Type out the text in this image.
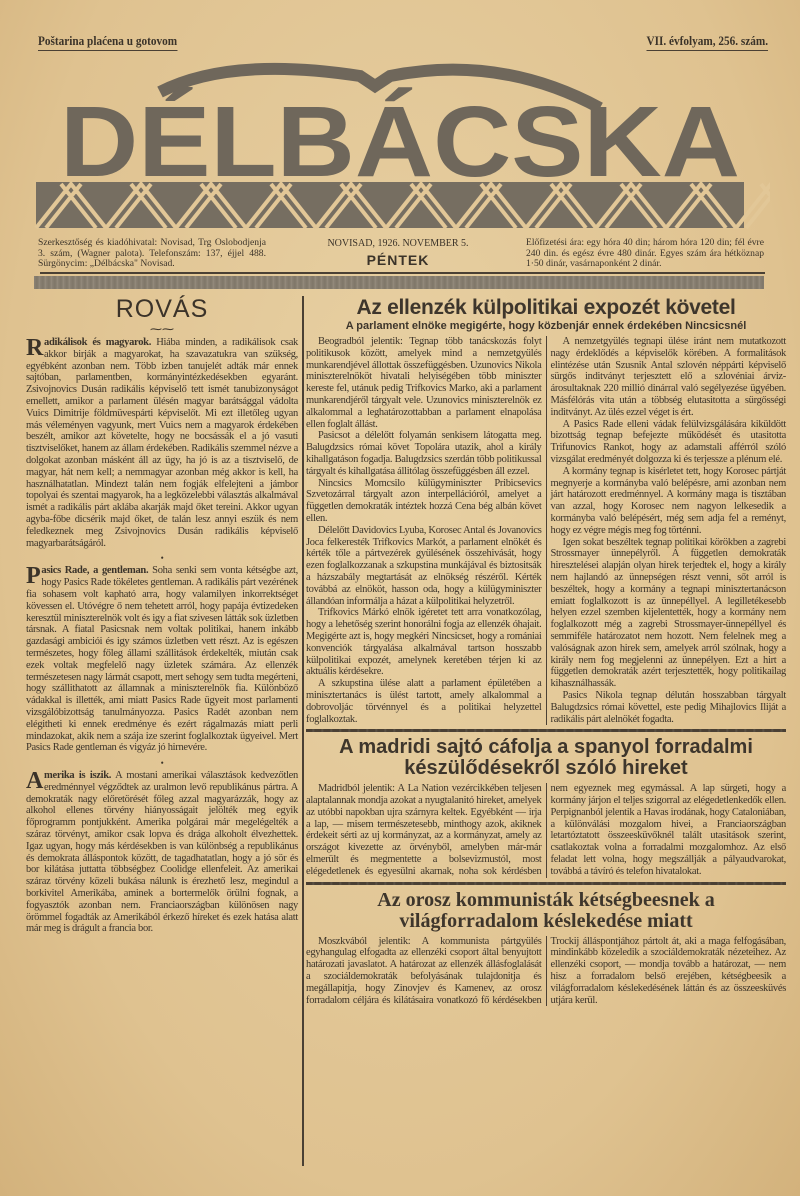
Poštarina plaćena u gotovom	VII. évfolyam, 256. szám.
DÉLBÁCSKA
Szerkesztőség és kiadóhivatal: Novisad, Trg Oslobodjenja 3. szám, (Wagner palota). Telefonszám: 137, éjjel 488. Sürgönycim: „Délbácska" Novisad.
NOVISAD, 1926. NOVEMBER 5.
PÉNTEK
Előfizetési ára: egy hóra 40 din; három hóra 120 din; fél évre 240 din. és egész évre 480 dinár. Egyes szám ára hétköznap 1·50 dinár, vasárnaponként 2 dinár.
ROVÁS
⁓⁓

Radikálisok és magyarok. Hiába minden, a radikálisok csak akkor birják a magyarokat, ha szavazatukra van szükség, egyébként azonban nem. Több izben tanujelét adták már ennek sajtóban, parlamentben, kormányintézkedésekben egyaránt. Zsivojnovics Dusán radikális képviselő tett ismét tanubizonyságot emellett, amikor a parlament ülésén magyar barátsággal vádolta Vuics Dimitrije földmüvespárti képviselőt. Mi ezt illetőleg ugyan más véleményen vagyunk, mert Vuics nem a magyarok érdekében beszélt, amikor azt követelte, hogy ne bocsássák el a jó vasuti tisztviselőket, hanem az állam érdekében. Radikális szemmel nézve a dolgokat azonban másként áll az ügy, ha jó is az a tisztviselő, de magyar, hát nem kell; a nemmagyar azonban még akkor is kell, ha használhatatlan. Mindezt talán nem fogják elfelejteni a jámbor topolyai és szentai magyarok, ha a legközelebbi választás alkalmával ismét a radikális párt aklába akarják majd őket tereini. Akkor ugyan agyba-főbe dicsérik majd őket, de talán lesz annyi eszük és nem feledkeznek meg Zsivojnovics Dusán radikális képviselő magyarbarátságáról.

•

Pasics Rade, a gentleman. Soha senki sem vonta kétségbe azt, hogy Pasics Rade tökéletes gentleman. A radikális párt vezérének fia sohasem volt kapható arra, hogy valamilyen inkorrektséget kövessen el. Utóvégre ő nem tehetett arról, hogy papája évtizedeken keresztül miniszterelnök volt és igy a fiat szivesen látták sok üzletben társnak. A fiatal Pasicsnak nem voltak politikai, hanem inkább gazdasági ambiciói és igy számos üzletben vett részt. Az is egészen természetes, hogy főleg állami szállitások érdekelték, miután csak ezek voltak megfelelő nagy üzletek számára. Az ellenzék természetesen nagy lármát csapott, mert sehogy sem tudta megérteni, hogy szállithatott az államnak a miniszterelnök fia. Különböző vádakkal is illették, ami miatt Pasics Rade ügyeit most parlamenti vizsgálóbizottság tanulmányozza. Pasics Radét azonban nem elégitheti ki ennek eredménye és ezért rágalmazás miatt perli mindazokat, akik nem a szája ize szerint foglalkoztak ügyeivel. Mert Pasics Rade gentleman és vigyáz jó hirnevére.

•

Amerika is iszik. A mostani amerikai választások kedvezőtlen eredménnyel végződtek az uralmon levő republikánus pártra. A demokraták nagy előretörését főleg azzal magyarázzák, hogy az alkohol ellenes törvény hiányosságait jelölték meg egyik főprogramm pontjukként. Amerika polgárai már megelégelték a száraz törvényt, amikor csak lopva és drága alkoholt élvezhettek. Igaz ugyan, hogy más kérdésekben is van különbség a republikánus és demokrata álláspontok között, de tagadhatatlan, hogy a jó sör és bor kilátása juttatta többségbez Coolidge ellenfeleit. Az amerikai száraz törvény közeli bukása nálunk is érezhető lesz, megindul a borkivitel Amerikába, aminek a bortermelők örülni fognak, a fogyasztók azonban nem. Franciaországban különösen nagy örömmel fogadták az Amerikából érkező híreket és ezek hatása alatt már meg is drágult a francia bor.

Az ellenzék külpolitikai expozét követel
A parlament elnöke megigérte, hogy közbenjár ennek érdekében Nincsicsnél

Beogradból jelentik: Tegnap több tanácskozás folyt politikusok között, amelyek mind a nemzetgyülés munkarendjével állottak összefüggésben. Uzunovics Nikola miniszterelnököt hivatali helyiségében több miniszter kereste fel, utánuk pedig Trifkovics Marko, aki a parlament munkarendjéről tárgyalt vele. Uzunovics miniszterelnök ez alkalommal a leghatározottabban a parlament elnapolása ellen foglalt állást.

Pasicsot a délelőtt folyamán senkisem látogatta meg. Balugdzsics római követ Topolára utazik, ahol a király kihallgatáson fogadja. Balugdzsics szerdán több politikussal tárgyalt és kihallgatása állitólag összefüggésben áll ezzel.

Nincsics Momcsilo külügyminiszter Pribicsevics Szvetozárral tárgyalt azon interpellációról, amelyet a független demokraták intéztek hozzá Cena bég albán követ ellen.

Délelőtt Davidovics Lyuba, Korosec Antal és Jovanovics Joca felkeresték Trifkovics Markót, a parlament elnökét és kérték tőle a pártvezérek gyülésének összehivását, hogy ezen foglalkozzanak a szkupstina munkájával és biztositsák a házszabály megtartását az elnökség részéről. Kérték továbbá az elnököt, hasson oda, hogy a külügyminiszter állandóan informálja a házat a külpolitikai helyzetről.

Trifkovics Márkó elnök igéretet tett arra vonatkozólag, hogy a lehetőség szerint honorálni fogja az ellenzék óhajait. Megigérte azt is, hogy megkéri Nincsicset, hogy a romániai konvenciók tárgyalása alkalmával tartson hosszabb külpolitikai expozét, amelynek keretében térjen ki az aktuális kérdésekre.

A szkupstina ülése alatt a parlament épületében a minisztertanács is ülést tartott, amely alkalommal a dobrovoljác törvénnyel és a politikai helyzettel foglalkoztak.

A nemzetgyülés tegnapi ülése iránt nem mutatkozott nagy érdeklődés a képviselők körében. A formalitások elintézése után Szusnik Antal szlovén néppárti képviselő sürgős inditványt terjesztett elő a szlovéniai árviz-árosultaknak 220 millió dinárral való segélyezése ügyében. Másfélórás vita után a többség elutasitotta a sürgősségi inditványt. Az ülés ezzel véget is ért.

A Pasics Rade elleni vádak felülvizsgálására kiküldött bizottság tegnap befejezte működését és utasitotta Trifunovics Rankot, hogy az adamstali afférról szóló vizsgálat eredményét dolgozza ki és terjessze a plénum elé.

A kormány tegnap is kisérletet tett, hogy Korosec pártját megnyerje a kormányba való belépésre, ami azonban nem járt határozott eredménnyel. A kormány maga is tisztában van azzal, hogy Korosec nem nagyon lelkesedik a kormányba való belépésért, még sem adja fel a reményt, hogy ez végre mégis meg fog történni.

Igen sokat beszéltek tegnap politikai körökben a zagrebi Strossmayer ünnepélyről. A független demokraták hiresztelései alapján olyan hirek terjedtek el, hogy a király nem hajlandó az ünnepségen részt venni, sőt arról is beszéltek, hogy a kormány a tegnapi minisztertanácson emiatt foglalkozott is az ünnepéllyel. A legilletékesebb helyen ezzel szemben kijelentették, hogy a kormány nem foglalkozott még a zagrebi Strossmayer-ünnepéllyel és semmiféle határozatot nem hozott. Nem felelnek meg a valóságnak azon hirek sem, amelyek arról szólnak, hogy a király nem fog megjelenni az ünnepélyen. Ezt a hirt a független demokraták azért terjesztették, hogy politikailag kihasználhassák.

Pasics Nikola tegnap délután hosszabban tárgyalt Balugdzsics római követtel, este pedig Mihajlovics Iliját a radikális párt alelnökét fogadta.

A madridi sajtó cáfolja a spanyol forradalmi készülődésekről szóló hireket

Madridból jelentik: A La Nation vezércikkében teljesen alaptalannak mondja azokat a nyugtalanitó hireket, amelyek az utóbbi napokban ujra szárnyra keltek. Egyébként — irja a lap, — misem természetesebb, minthogy azok, akiknek érdekeit sérti az uj kormányzat, az a kormányzat, amely az országot kivezette az örvényből, amelyben már-már elmerült és megmentette a bolsevizmustól, most elégedetlenek és egyesülni akarnak, noha sok kérdésben nem egyeznek meg egymással. A lap sürgeti, hogy a kormány járjon el teljes szigorral az elégedetlenkedők ellen. Perpignanból jelentik a Havas irodának, hogy Cataloniában, a különválási mozgalom hivei, a Franciaországban letartóztatott összeesküvőknél talált utasitások szerint, csatlakoztak volna a forradalmi mozgalomhoz. Az első feladat lett volna, hogy megszállják a pályaudvarokat, továbbá a távíró és telefon hivatalokat.

Az orosz kommunisták kétségbeesnek a világforradalom késlekedése miatt

Moszkvából jelentik: A kommunista pártgyülés egyhangulag elfogadta az ellenzéki csoport által benyujtott határozati javaslatot. A határozat az ellenzék állásfoglalását a szociáldemokraták befolyásának tulajdonitja és megállapitja, hogy Zinovjev és Kamenev, az orosz forradalom céljára és kilátásaira vonatkozó fő kérdésekben Trockij álláspontjához pártolt át, aki a maga felfogásában, mindinkább közeledik a szociáldemokraták nézeteihez. Az ellenzéki csoport, — mondja tovább a határozat, — nem hisz a forradalom belső erejében, kétségbeesik a világforradalom késlekedésének láttán és az összeesküvés utjára kerül.
